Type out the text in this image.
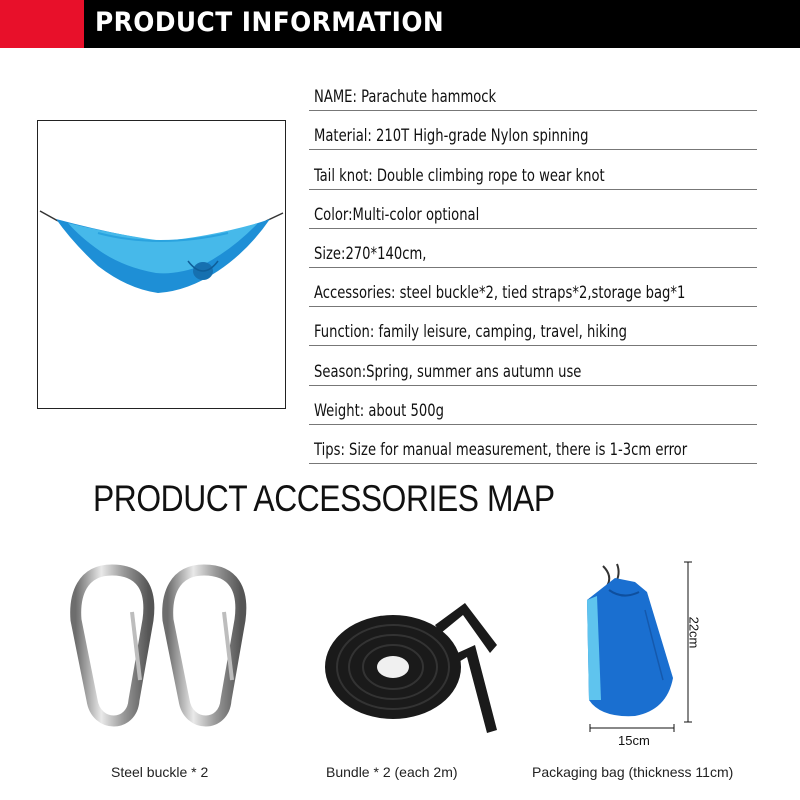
PRODUCT INFORMATION
NAME: Parachute hammock
Material: 210T High-grade Nylon spinning
Tail knot: Double climbing rope to wear knot
Color:Multi-color optional
Size:270*140cm,
Accessories: steel buckle*2, tied straps*2,storage bag*1
Function: family leisure, camping, travel, hiking
Season:Spring, summer ans autumn use
Weight: about 500g
Tips: Size for manual measurement, there is 1-3cm error
PRODUCT ACCESSORIES MAP
Steel buckle * 2	Bundle * 2 (each 2m)
22cm
15cm
Packaging bag (thickness 11cm)
